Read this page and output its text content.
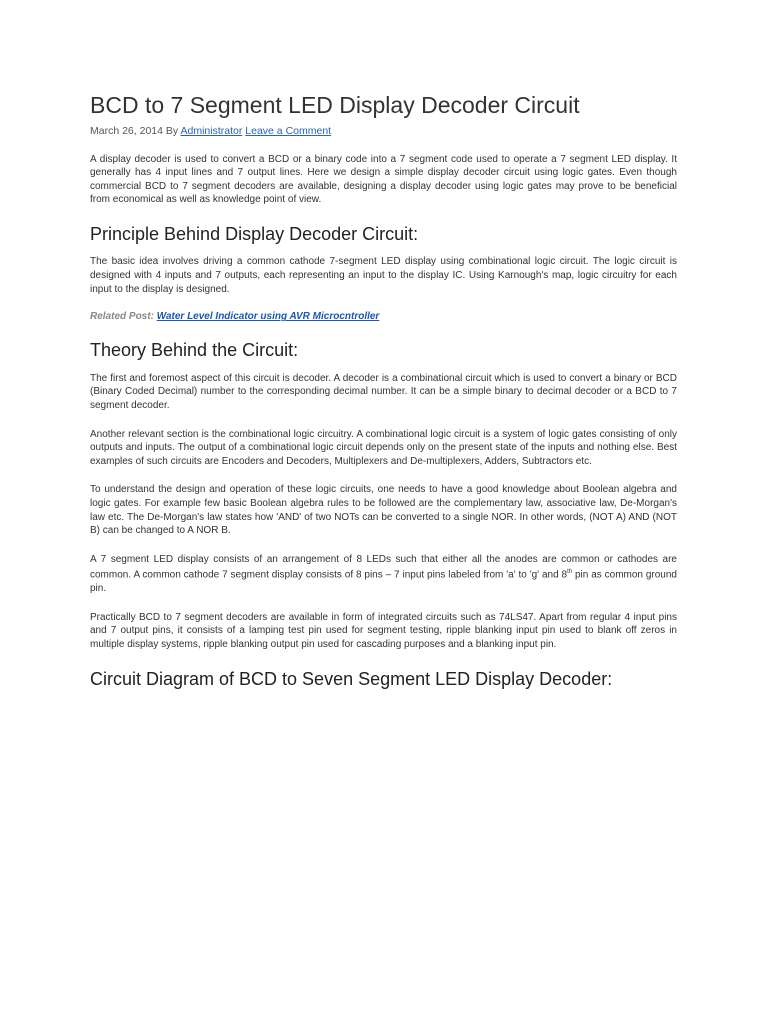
BCD to 7 Segment LED Display Decoder Circuit
March 26, 2014 By Administrator Leave a Comment

A display decoder is used to convert a BCD or a binary code into a 7 segment code used to operate a 7 segment LED display. It generally has 4 input lines and 7 output lines. Here we design a simple display decoder circuit using logic gates. Even though commercial BCD to 7 segment decoders are available, designing a display decoder using logic gates may prove to be beneficial from economical as well as knowledge point of view.

Principle Behind Display Decoder Circuit:

The basic idea involves driving a common cathode 7-segment LED display using combinational logic circuit. The logic circuit is designed with 4 inputs and 7 outputs, each representing an input to the display IC. Using Karnough's map, logic circuitry for each input to the display is designed.

Related Post: Water Level Indicator using AVR Microcntroller
Theory Behind the Circuit:

The first and foremost aspect of this circuit is decoder. A decoder is a combinational circuit which is used to convert a binary or BCD (Binary Coded Decimal) number to the corresponding decimal number. It can be a simple binary to decimal decoder or a BCD to 7 segment decoder.

Another relevant section is the combinational logic circuitry. A combinational logic circuit is a system of logic gates consisting of only outputs and inputs. The output of a combinational logic circuit depends only on the present state of the inputs and nothing else. Best examples of such circuits are Encoders and Decoders, Multiplexers and De-multiplexers, Adders, Subtractors etc.

To understand the design and operation of these logic circuits, one needs to have a good knowledge about Boolean algebra and logic gates. For example few basic Boolean algebra rules to be followed are the complementary law, associative law, De-Morgan's law etc. The De-Morgan's law states how 'AND' of two NOTs can be converted to a single NOR. In other words, (NOT A) AND (NOT B) can be changed to A NOR B.

A 7 segment LED display consists of an arrangement of 8 LEDs such that either all the anodes are common or cathodes are common. A common cathode 7 segment display consists of 8 pins – 7 input pins labeled from 'a' to 'g' and 8th pin as common ground pin.

Practically BCD to 7 segment decoders are available in form of integrated circuits such as 74LS47. Apart from regular 4 input pins and 7 output pins, it consists of a lamping test pin used for segment testing, ripple blanking input pin used to blank off zeros in multiple display systems, ripple blanking output pin used for cascading purposes and a blanking input pin.

Circuit Diagram of BCD to Seven Segment LED Display Decoder:
